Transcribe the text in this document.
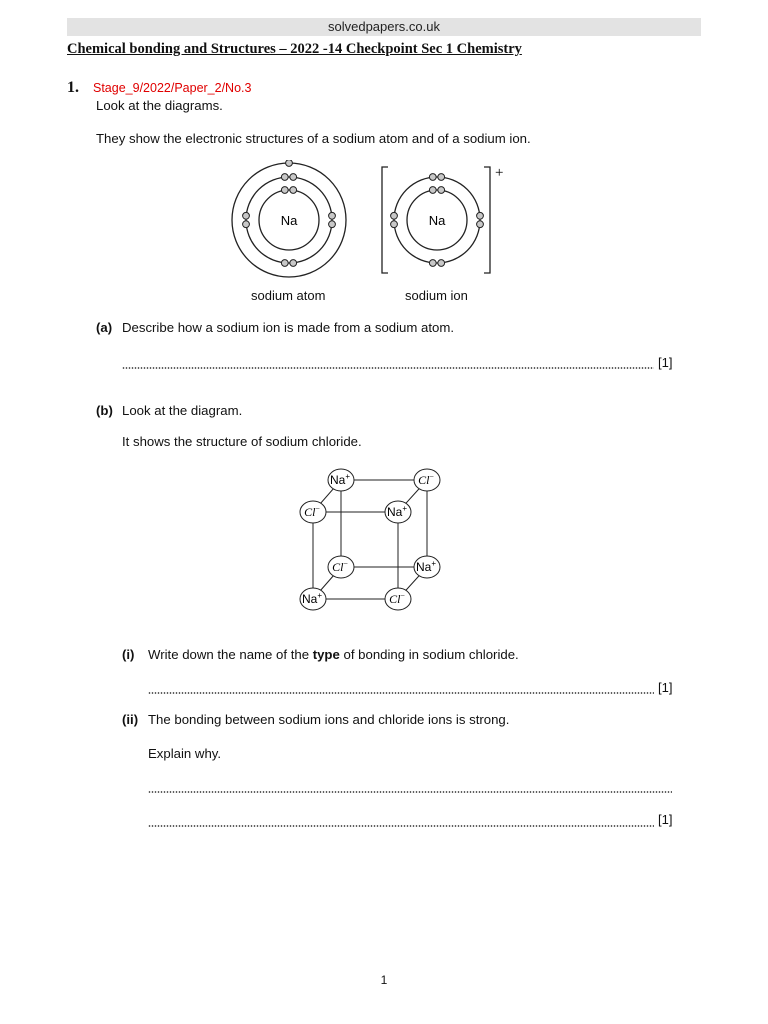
solvedpapers.co.uk
Chemical bonding and Structures – 2022 -14 Checkpoint Sec 1 Chemistry
1. Stage_9/2022/Paper_2/No.3
Look at the diagrams.
They show the electronic structures of a sodium atom and of a sodium ion.
Na	Na
+
sodium atom	sodium ion
(a) Describe how a sodium ion is made from a sodium atom.
[1]
(b) Look at the diagram.
It shows the structure of sodium chloride.
Na+	Cl−
Cl−	Na+
Cl−	Na+
Na+	Cl−
(i) Write down the name of the type of bonding in sodium chloride.
[1]
(ii) The bonding between sodium ions and chloride ions is strong.
Explain why.
[1]
1
